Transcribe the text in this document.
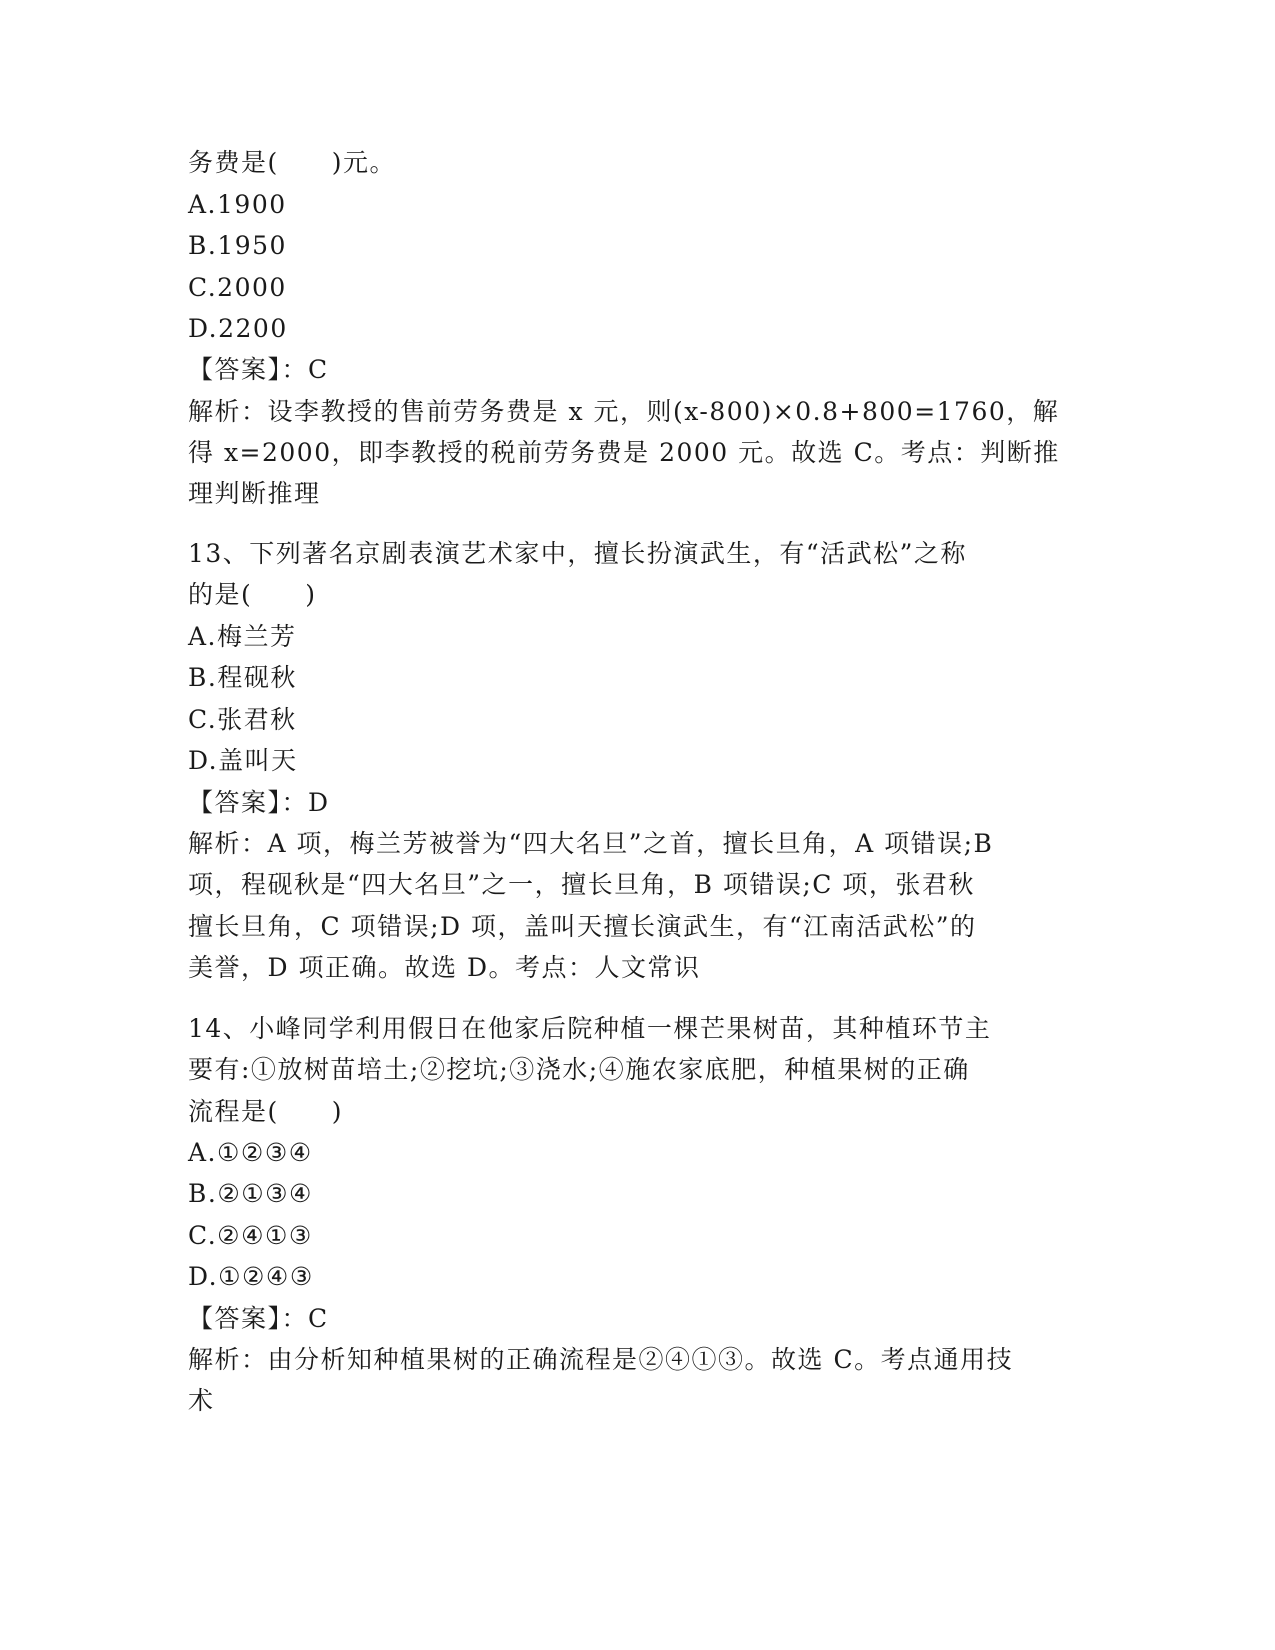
务费是(　　)元。
A.1900
B.1950
C.2000
D.2200
【答案】：C
解析：设李教授的售前劳务费是 x 元，则(x-800)×0.8+800=1760，解
得 x=2000，即李教授的税前劳务费是 2000 元。故选 C。考点：判断推
理判断推理
13、下列著名京剧表演艺术家中，擅长扮演武生，有“活武松”之称
的是(　　)
A.梅兰芳
B.程砚秋
C.张君秋
D.盖叫天
【答案】：D
解析：A 项，梅兰芳被誉为“四大名旦”之首，擅长旦角，A 项错误;B
项，程砚秋是“四大名旦”之一，擅长旦角，B 项错误;C 项，张君秋
擅长旦角，C 项错误;D 项，盖叫天擅长演武生，有“江南活武松”的
美誉，D 项正确。故选 D。考点：人文常识
14、小峰同学利用假日在他家后院种植一棵芒果树苗，其种植环节主
要有:①放树苗培土;②挖坑;③浇水;④施农家底肥，种植果树的正确
流程是(　　)
A.①②③④
B.②①③④
C.②④①③
D.①②④③
【答案】：C
解析：由分析知种植果树的正确流程是②④①③。故选 C。考点通用技
术
